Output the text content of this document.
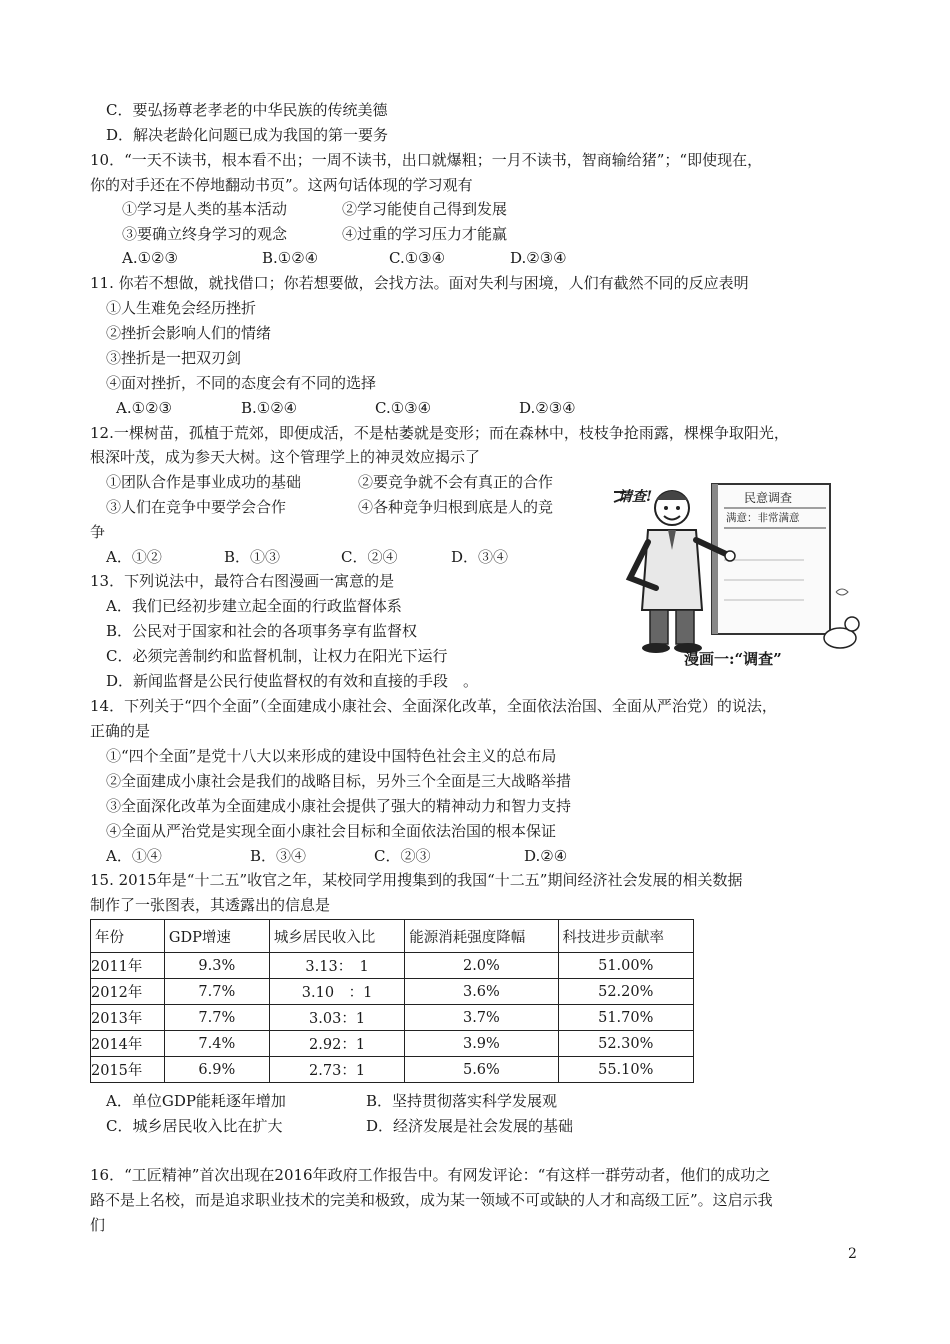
C．要弘扬尊老孝老的中华民族的传统美德
D．解决老龄化问题已成为我国的第一要务
10．“一天不读书，根本看不出；一周不读书，出口就爆粗；一月不读书，智商输给猪”；“即使现在，
你的对手还在不停地翻动书页”。这两句话体现的学习观有
①学习是人类的基本活动	②学习能使自己得到发展
③要确立终身学习的观念	④过重的学习压力才能赢
A.①②③	B.①②④	C.①③④	D.②③④
11. 你若不想做，就找借口；你若想要做，会找方法。面对失利与困境，人们有截然不同的反应表明
①人生难免会经历挫折
②挫折会影响人们的情绪
③挫折是一把双刃剑
④面对挫折，不同的态度会有不同的选择
A.①②③	B.①②④	C.①③④	D.②③④
12.一棵树苗，孤植于荒郊，即便成活，不是枯萎就是变形；而在森林中，枝枝争抢雨露，棵棵争取阳光，
根深叶茂，成为参天大树。这个管理学上的神灵效应揭示了
①团队合作是事业成功的基础	②要竞争就不会有真正的合作
③人们在竞争中要学会合作	④各种竞争归根到底是人的竞
争
A．①②	B．①③	C．②④	D．③④
13．下列说法中，最符合右图漫画一寓意的是
A．我们已经初步建立起全面的行政监督体系
B．公民对于国家和社会的各项事务享有监督权
C．必须完善制约和监督机制，让权力在阳光下运行
D．新闻监督是公民行使监督权的有效和直接的手段　。
请查!	民意调查
满意：非常满意
漫画一:“调查”
14．下列关于“四个全面”（全面建成小康社会、全面深化改革，全面依法治国、全面从严治党）的说法，
正确的是
①“四个全面”是党十八大以来形成的建设中国特色社会主义的总布局
②全面建成小康社会是我们的战略目标，另外三个全面是三大战略举措
③全面深化改革为全面建成小康社会提供了强大的精神动力和智力支持
④全面从严治党是实现全面小康社会目标和全面依法治国的根本保证
A．①④	B．③④	C．②③	D.②④
15. 2015年是“十二五”收官之年，某校同学用搜集到的我国“十二五”期间经济社会发展的相关数据
制作了一张图表，其透露出的信息是
年份	GDP增速	城乡居民收入比	能源消耗强度降幅	科技进步贡献率
2011年	9.3%	3.13：　1	2.0%	51.00%
2012年	7.7%	3.10　：1	3.6%	52.20%
2013年	7.7%	3.03：1	3.7%	51.70%
2014年	7.4%	2.92：1	3.9%	52.30%
2015年	6.9%	2.73：1	5.6%	55.10%
A．单位GDP能耗逐年增加	B．坚持贯彻落实科学发展观
C．城乡居民收入比在扩大	D．经济发展是社会发展的基础
16．“工匠精神”首次出现在2016年政府工作报告中。有网发评论：“有这样一群劳动者，他们的成功之
路不是上名校，而是追求职业技术的完美和极致，成为某一领域不可或缺的人才和高级工匠”。这启示我
们
2
